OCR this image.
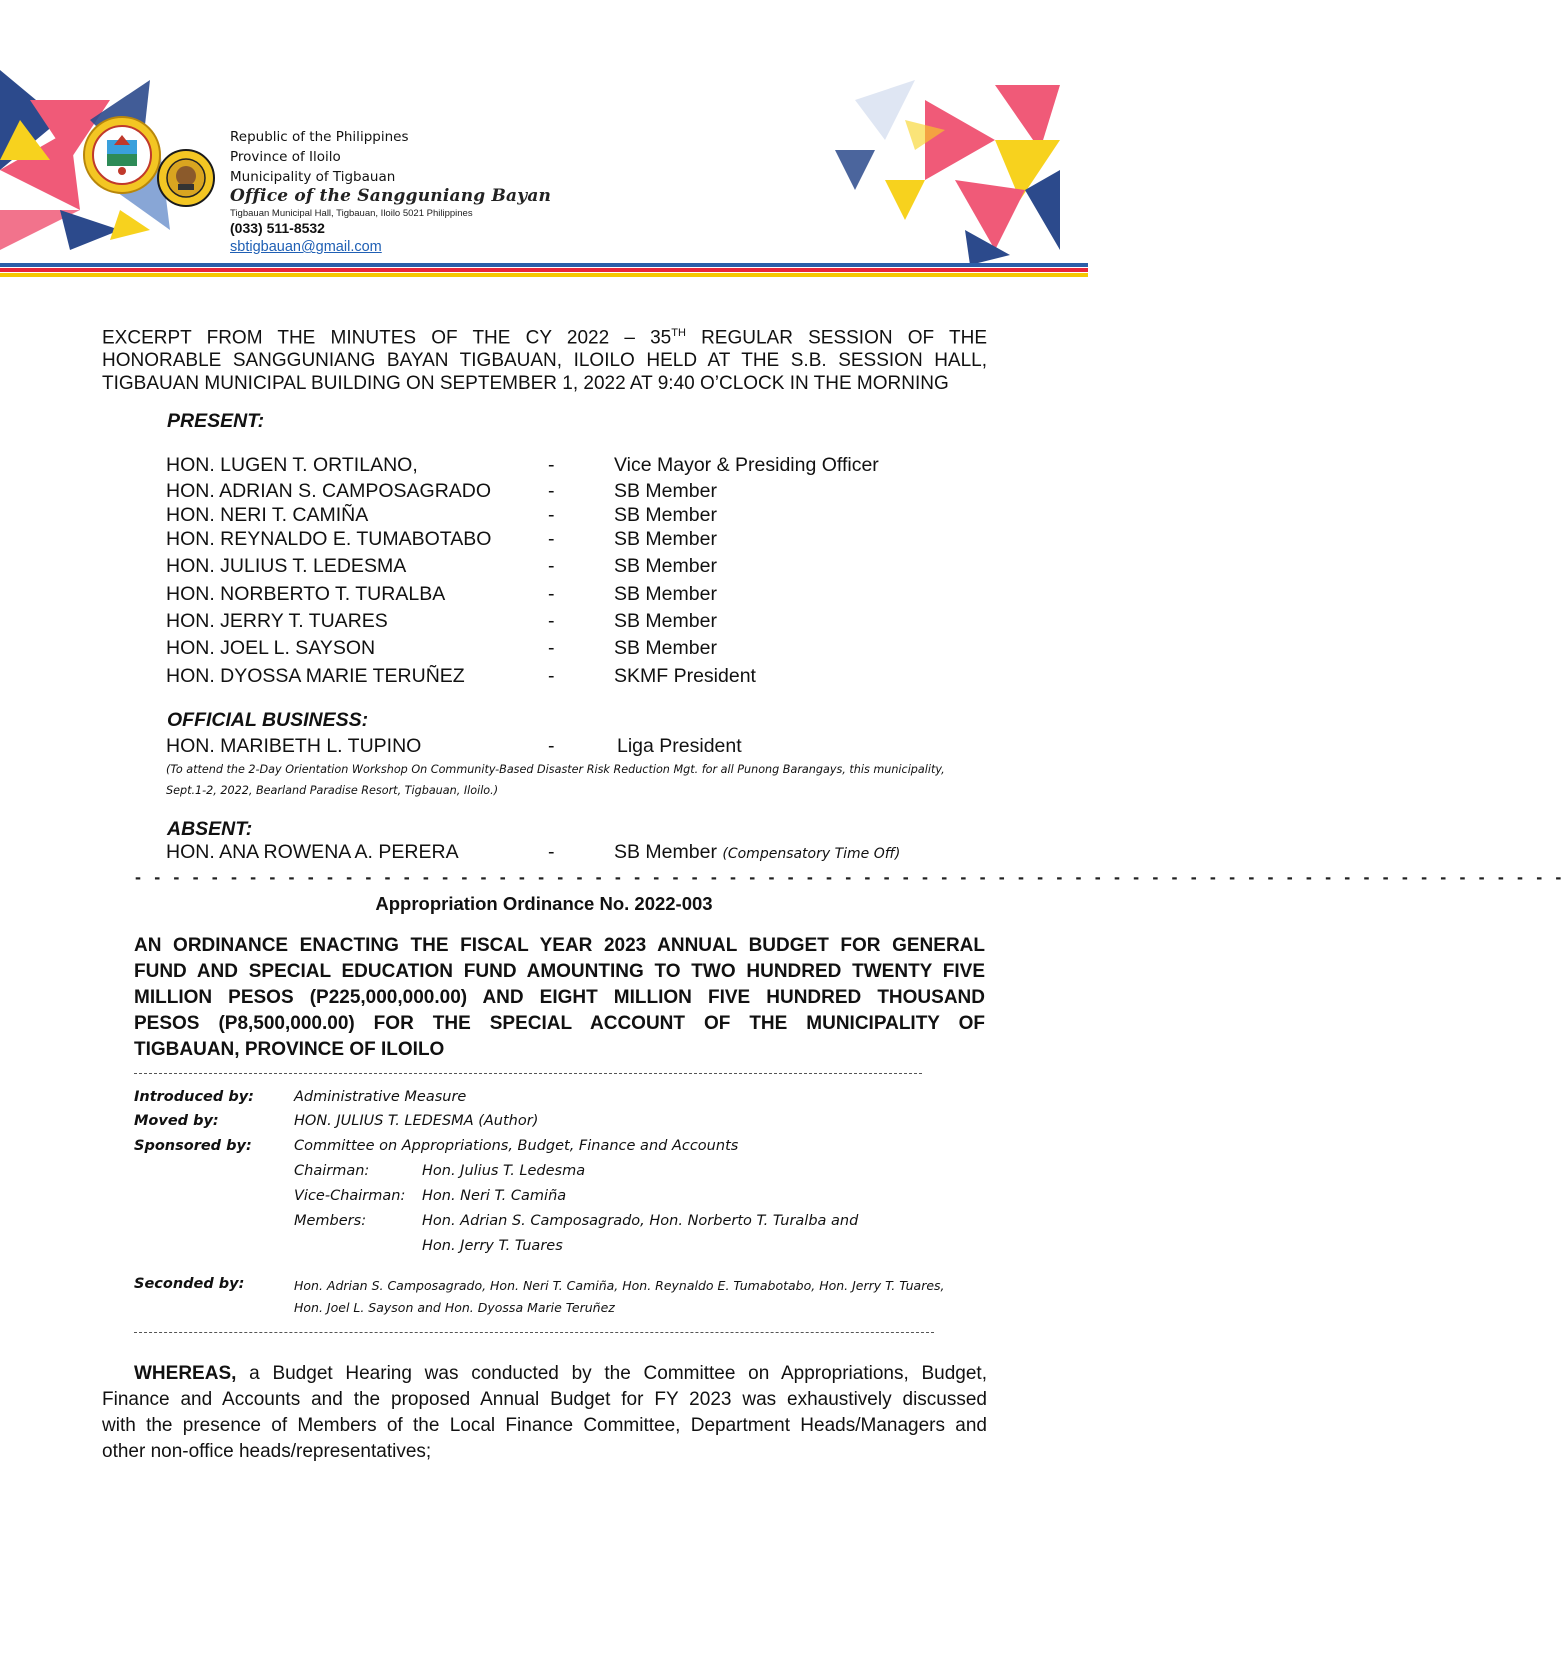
Republic of the Philippines
Province of Iloilo
Municipality of Tigbauan
Office of the Sangguniang Bayan
Tigbauan Municipal Hall, Tigbauan, Iloilo 5021 Philippines
(033) 511-8532
sbtigbauan@gmail.com
EXCERPT FROM THE MINUTES OF THE CY 2022 – 35TH REGULAR SESSION OF THE
HONORABLE SANGGUNIANG BAYAN TIGBAUAN, ILOILO HELD AT THE S.B. SESSION HALL,
TIGBAUAN MUNICIPAL BUILDING ON SEPTEMBER 1, 2022 AT 9:40 O’CLOCK IN THE MORNING
PRESENT:
HON. LUGEN T. ORTILANO,	-	Vice Mayor & Presiding Officer
HON. ADRIAN S. CAMPOSAGRADO	-	SB Member
HON. NERI T. CAMIÑA	-	SB Member
HON. REYNALDO E. TUMABOTABO	-	SB Member
HON. JULIUS T. LEDESMA	-	SB Member
HON. NORBERTO T. TURALBA	-	SB Member
HON. JERRY T. TUARES	-	SB Member
HON. JOEL L. SAYSON	-	SB Member
HON. DYOSSA MARIE TERUÑEZ	-	SKMF President
OFFICIAL BUSINESS:
HON. MARIBETH L. TUPINO	-	Liga President
(To attend the 2-Day Orientation Workshop On Community-Based Disaster Risk Reduction Mgt. for all Punong Barangays, this municipality,
Sept.1-2, 2022, Bearland Paradise Resort, Tigbauan, Iloilo.)
ABSENT:
HON. ANA ROWENA A. PERERA	-	SB Member (Compensatory Time Off)
- - - - - - - - - - - - - - - - - - - - - - - - - - - - - - - - - - - - - - - - - - - - - - - - - - - - - - - - - - - - - - - - - - - - - - - - - - -
Appropriation Ordinance No. 2022-003
AN ORDINANCE ENACTING THE FISCAL YEAR 2023 ANNUAL BUDGET FOR GENERAL
FUND AND SPECIAL EDUCATION FUND AMOUNTING TO TWO HUNDRED TWENTY FIVE
MILLION PESOS (P225,000,000.00) AND EIGHT MILLION FIVE HUNDRED THOUSAND
PESOS (P8,500,000.00) FOR THE SPECIAL ACCOUNT OF THE MUNICIPALITY OF
TIGBAUAN, PROVINCE OF ILOILO
Introduced by:	Administrative Measure
Moved by:	HON. JULIUS T. LEDESMA (Author)
Sponsored by:	Committee on Appropriations, Budget, Finance and Accounts
Chairman:	Hon. Julius T. Ledesma
Vice-Chairman: Hon. Neri T. Camiña
Members:	Hon. Adrian S. Camposagrado, Hon. Norberto T. Turalba and
Hon. Jerry T. Tuares
Seconded by:	Hon. Adrian S. Camposagrado, Hon. Neri T. Camiña, Hon. Reynaldo E. Tumabotabo, Hon. Jerry T. Tuares,
Hon. Joel L. Sayson and Hon. Dyossa Marie Teruñez
WHEREAS, a Budget Hearing was conducted by the Committee on Appropriations, Budget,
Finance and Accounts and the proposed Annual Budget for FY 2023 was exhaustively discussed
with the presence of Members of the Local Finance Committee, Department Heads/Managers and
other non-office heads/representatives;
